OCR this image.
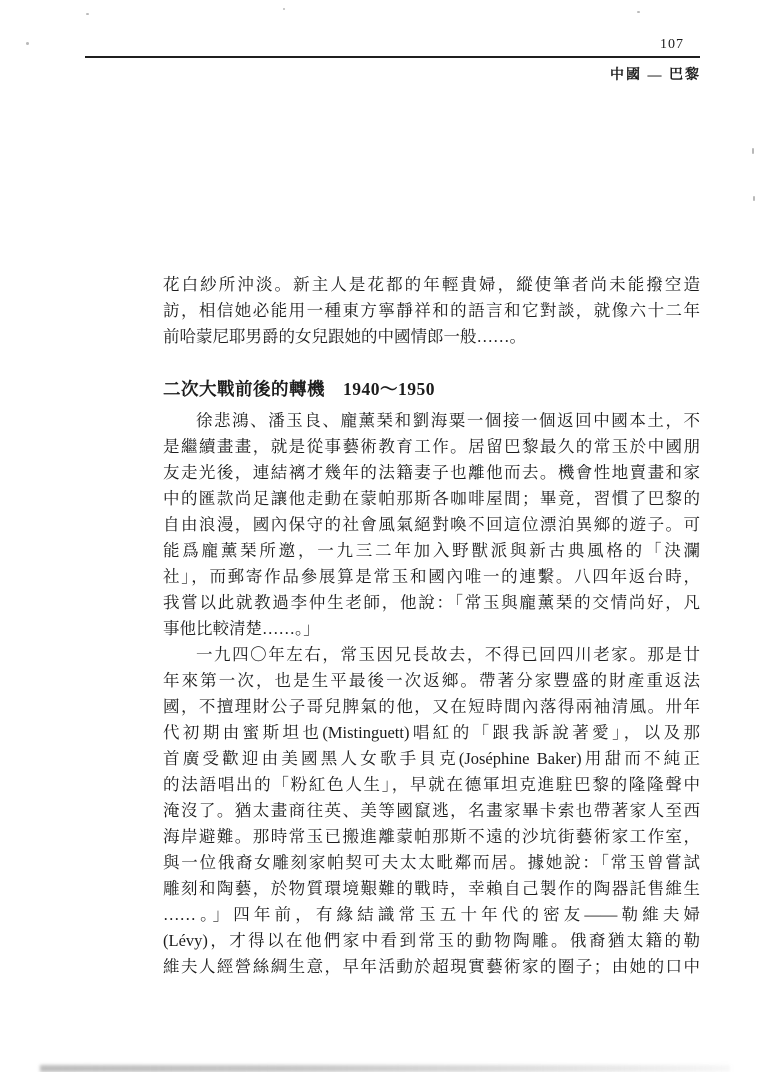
107
中國 — 巴黎
花白紗所沖淡。新主人是花都的年輕貴婦，縱使筆者尚未能撥空造
訪，相信她必能用一種東方寧靜祥和的語言和它對談，就像六十二年
前哈蒙尼耶男爵的女兒跟她的中國情郎一般……。
二次大戰前後的轉機　1940～1950
徐悲鴻、潘玉良、龐薰琹和劉海粟一個接一個返回中國本土，不
是繼續畫畫，就是從事藝術教育工作。居留巴黎最久的常玉於中國朋
友走光後，連結褵才幾年的法籍妻子也離他而去。機會性地賣畫和家
中的匯款尚足讓他走動在蒙帕那斯各咖啡屋間；畢竟，習慣了巴黎的
自由浪漫，國內保守的社會風氣絕對喚不回這位漂泊異鄉的遊子。可
能爲龐薰琹所邀，一九三二年加入野獸派與新古典風格的「決瀾
社」，而郵寄作品參展算是常玉和國內唯一的連繫。八四年返台時，
我嘗以此就教過李仲生老師，他說：「常玉與龐薰琹的交情尚好，凡
事他比較清楚……。」
一九四〇年左右，常玉因兄長故去，不得已回四川老家。那是廿
年來第一次，也是生平最後一次返鄉。帶著分家豐盛的財產重返法
國，不擅理財公子哥兒脾氣的他，又在短時間內落得兩袖清風。卅年
代初期由蜜斯坦也(Mistinguett)唱紅的「跟我訴說著愛」，以及那
首廣受歡迎由美國黑人女歌手貝克(Joséphine Baker)用甜而不純正
的法語唱出的「粉紅色人生」，早就在德軍坦克進駐巴黎的隆隆聲中
淹沒了。猶太畫商往英、美等國竄逃，名畫家畢卡索也帶著家人至西
海岸避難。那時常玉已搬進離蒙帕那斯不遠的沙坑街藝術家工作室，
與一位俄裔女雕刻家帕契可夫太太毗鄰而居。據她說：「常玉曾嘗試
雕刻和陶藝，於物質環境艱難的戰時，幸賴自己製作的陶器託售維生
……。」四年前，有緣結識常玉五十年代的密友——勒維夫婦
(Lévy)，才得以在他們家中看到常玉的動物陶雕。俄裔猶太籍的勒
維夫人經營絲綢生意，早年活動於超現實藝術家的圈子；由她的口中
